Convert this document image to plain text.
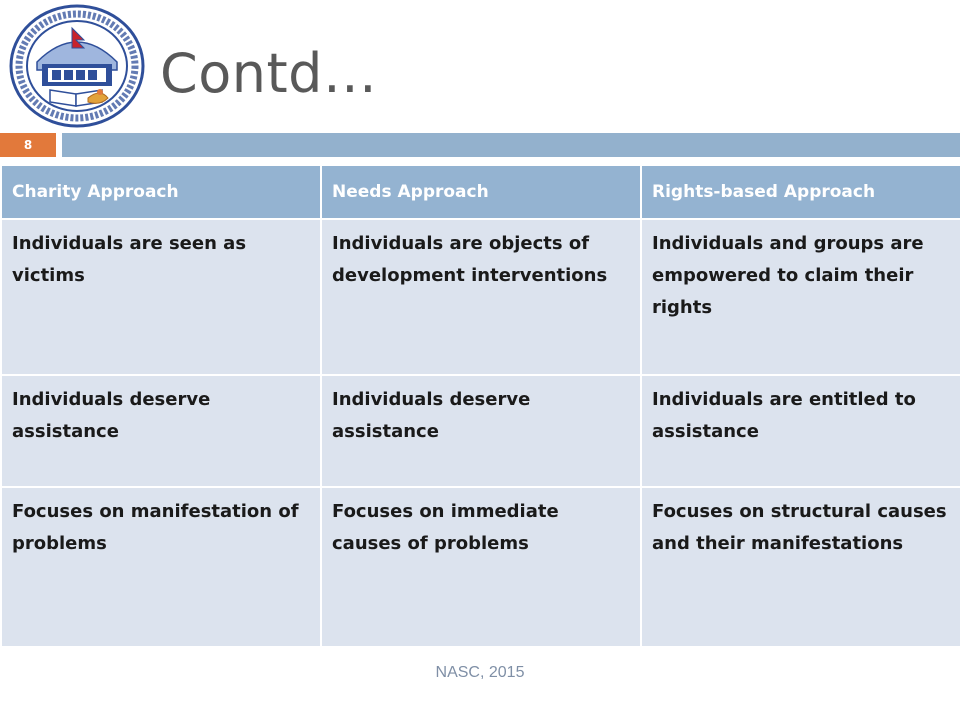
Contd…
8
Charity Approach	Needs Approach	Rights-based Approach
Individuals are seen as victims	Individuals are objects of development interventions	Individuals and groups are empowered to claim their rights
Individuals deserve assistance	Individuals deserve assistance	Individuals are entitled to assistance
Focuses on manifestation of problems	Focuses on immediate causes of problems	Focuses on structural causes and their manifestations
NASC, 2015
